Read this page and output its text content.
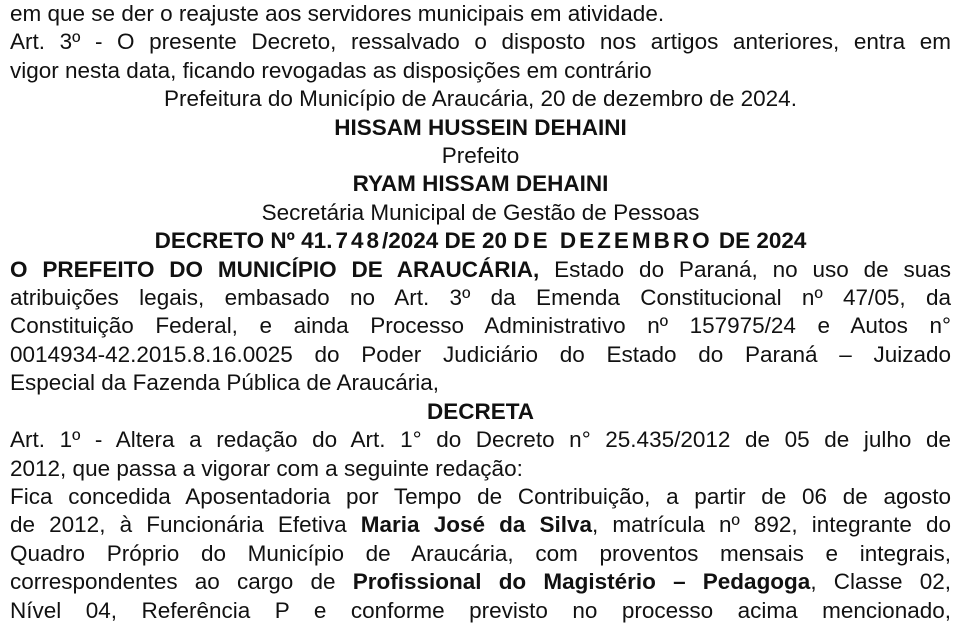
em que se der o reajuste aos servidores municipais em atividade.

Art. 3º - O presente Decreto, ressalvado o disposto nos artigos anteriores, entra em

vigor nesta data, ficando revogadas as disposições em contrário

Prefeitura do Município de Araucária, 20 de dezembro de 2024.

HISSAM HUSSEIN DEHAINI

Prefeito

RYAM HISSAM DEHAINI

Secretária Municipal de Gestão de Pessoas

DECRETO Nº 41.748/2024 DE 20 DE DEZEMBRO DE 2024

O PREFEITO DO MUNICÍPIO DE ARAUCÁRIA, Estado do Paraná, no uso de suas

atribuições legais, embasado no Art. 3º da Emenda Constitucional nº 47/05, da

Constituição Federal, e ainda Processo Administrativo nº 157975/24 e Autos n°

0014934-42.2015.8.16.0025 do Poder Judiciário do Estado do Paraná – Juizado

Especial da Fazenda Pública de Araucária,

DECRETA

Art. 1º - Altera a redação do Art. 1° do Decreto n° 25.435/2012 de 05 de julho de

2012, que passa a vigorar com a seguinte redação:

Fica concedida Aposentadoria por Tempo de Contribuição, a partir de 06 de agosto

de 2012, à Funcionária Efetiva Maria José da Silva, matrícula nº 892, integrante do

Quadro Próprio do Município de Araucária, com proventos mensais e integrais,

correspondentes ao cargo de Profissional do Magistério – Pedagoga, Classe 02,

Nível 04, Referência P e conforme previsto no processo acima mencionado,
